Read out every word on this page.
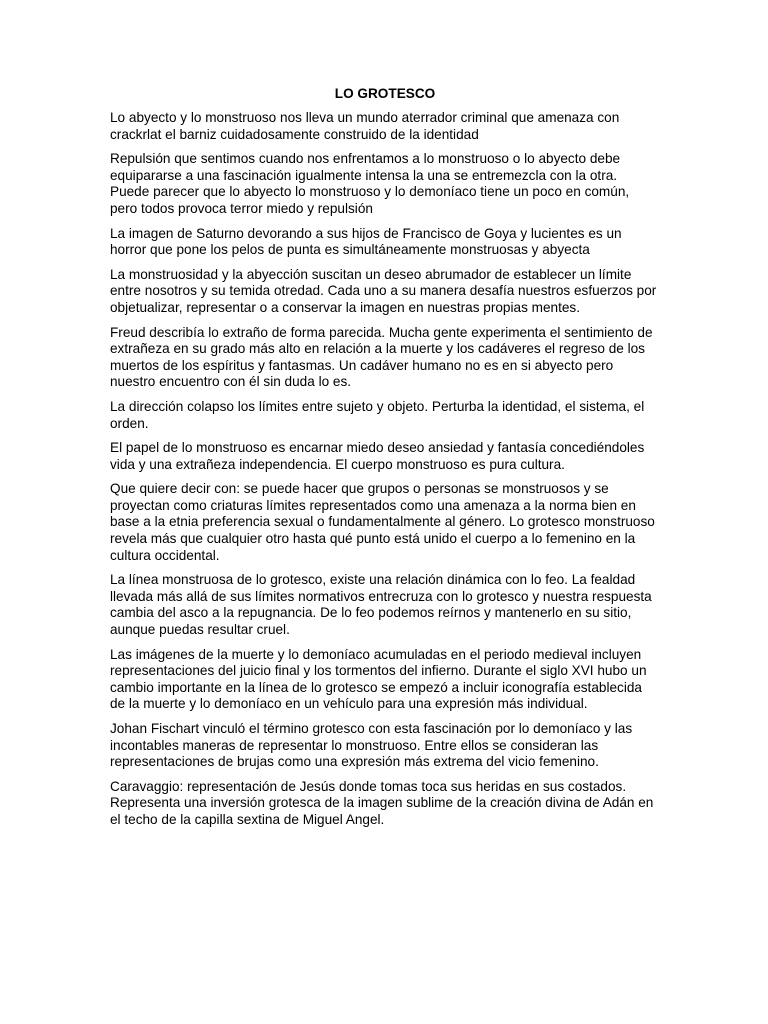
LO GROTESCO

Lo abyecto y lo monstruoso nos lleva un mundo aterrador criminal que amenaza con crackrlat el barniz cuidadosamente construido de la identidad

Repulsión que sentimos cuando nos enfrentamos a lo monstruoso o lo abyecto debe equipararse a una fascinación igualmente intensa la una se entremezcla con la otra. Puede parecer que lo abyecto lo monstruoso y lo demoníaco tiene un poco en común, pero todos provoca terror miedo y repulsión

La imagen de Saturno devorando a sus hijos de Francisco de Goya y lucientes es un horror que pone los pelos de punta es simultáneamente monstruosas y abyecta

La monstruosidad y la abyección suscitan un deseo abrumador de establecer un límite entre nosotros y su temida otredad. Cada uno a su manera desafía nuestros esfuerzos por objetualizar, representar o a conservar la imagen en nuestras propias mentes.

Freud describía lo extraño de forma parecida. Mucha gente experimenta el sentimiento de extrañeza en su grado más alto en relación a la muerte y los cadáveres el regreso de los muertos de los espíritus y fantasmas. Un cadáver humano no es en si abyecto pero nuestro encuentro con él sin duda lo es.

La dirección colapso los límites entre sujeto y objeto. Perturba la identidad, el sistema, el orden.

El papel de lo monstruoso es encarnar miedo deseo ansiedad y fantasía concediéndoles vida y una extrañeza independencia. El cuerpo monstruoso es pura cultura.

Que quiere decir con: se puede hacer que grupos o personas se monstruosos y se proyectan como criaturas límites representados como una amenaza a la norma bien en base a la etnia preferencia sexual o fundamentalmente al género. Lo grotesco monstruoso revela más que cualquier otro hasta qué punto está unido el cuerpo a lo femenino en la cultura occidental.

La línea monstruosa de lo grotesco, existe una relación dinámica con lo feo. La fealdad llevada más allá de sus límites normativos entrecruza con lo grotesco y nuestra respuesta cambia del asco a la repugnancia. De lo feo podemos reírnos y mantenerlo en su sitio, aunque puedas resultar cruel.

Las imágenes de la muerte y lo demoníaco acumuladas en el periodo medieval incluyen representaciones del juicio final y los tormentos del infierno. Durante el siglo XVI hubo un cambio importante en la línea de lo grotesco se empezó a incluir iconografía establecida de la muerte y lo demoníaco en un vehículo para una expresión más individual.

Johan Fischart vinculó el término grotesco con esta fascinación por lo demoníaco y las incontables maneras de representar lo monstruoso. Entre ellos se consideran las representaciones de brujas como una expresión más extrema del vicio femenino.

Caravaggio: representación de Jesús donde tomas toca sus heridas en sus costados. Representa una inversión grotesca de la imagen sublime de la creación divina de Adán en el techo de la capilla sextina de Miguel Angel.
